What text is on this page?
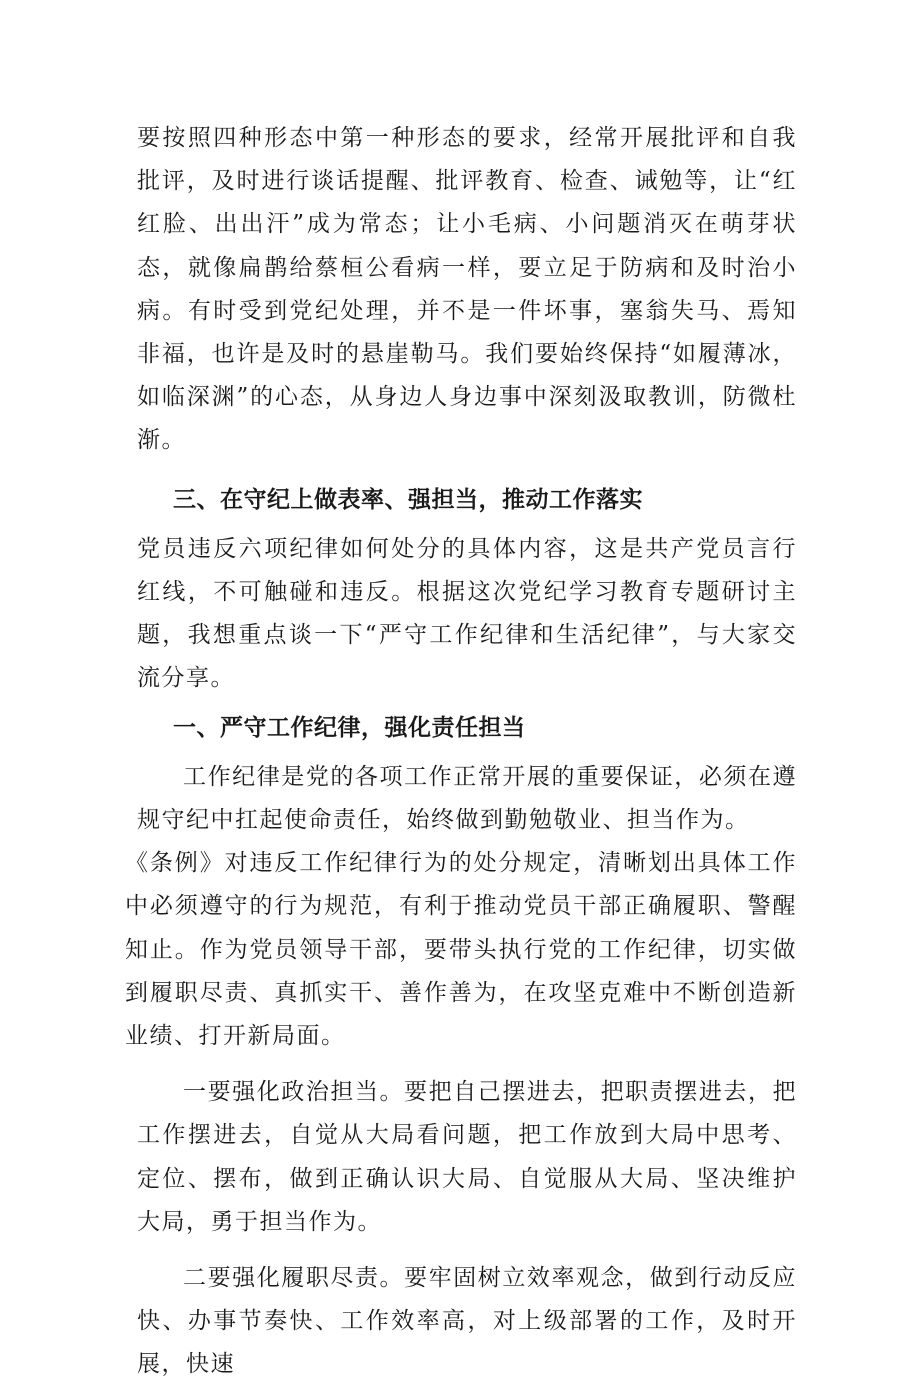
要按照四种形态中第一种形态的要求，经常开展批评和自我批评，及时进行谈话提醒、批评教育、检查、诫勉等，让“红红脸、出出汗”成为常态；让小毛病、小问题消灭在萌芽状态，就像扁鹊给蔡桓公看病一样，要立足于防病和及时治小病。有时受到党纪处理，并不是一件坏事，塞翁失马、焉知非福，也许是及时的悬崖勒马。我们要始终保持“如履薄冰，如临深渊”的心态，从身边人身边事中深刻汲取教训，防微杜渐。

三、在守纪上做表率、强担当，推动工作落实

党员违反六项纪律如何处分的具体内容，这是共产党员言行红线，不可触碰和违反。根据这次党纪学习教育专题研讨主题，我想重点谈一下“严守工作纪律和生活纪律”，与大家交流分享。

一、严守工作纪律，强化责任担当

工作纪律是党的各项工作正常开展的重要保证，必须在遵规守纪中扛起使命责任，始终做到勤勉敬业、担当作为。

《条例》对违反工作纪律行为的处分规定，清晰划出具体工作中必须遵守的行为规范，有利于推动党员干部正确履职、警醒知止。作为党员领导干部，要带头执行党的工作纪律，切实做到履职尽责、真抓实干、善作善为，在攻坚克难中不断创造新业绩、打开新局面。

一要强化政治担当。要把自己摆进去，把职责摆进去，把工作摆进去，自觉从大局看问题，把工作放到大局中思考、定位、摆布，做到正确认识大局、自觉服从大局、坚决维护大局，勇于担当作为。

二要强化履职尽责。要牢固树立效率观念，做到行动反应快、办事节奏快、工作效率高，对上级部署的工作，及时开展，快速
